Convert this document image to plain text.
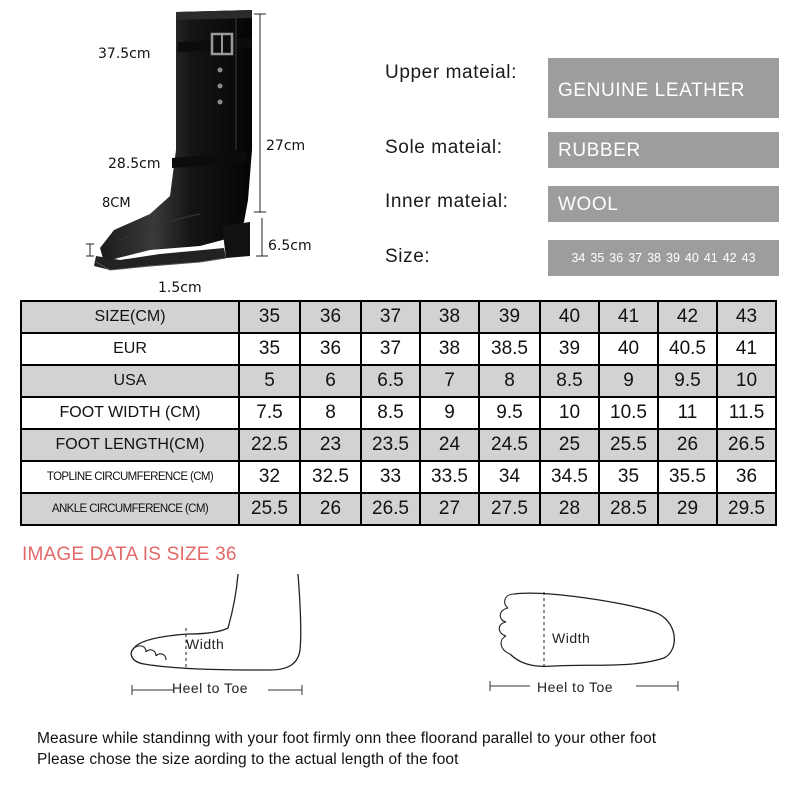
37.5cm
27cm
28.5cm
8CM
6.5cm
1.5cm
Upper mateial:
GENUINE LEATHER
Sole mateial:	RUBBER
Inner mateial:	WOOL
Size:	34 35 36 37 38 39 40 41 42 43
SIZE(CM)	35	36	37	38	39	40	41	42	43
EUR	35	36	37	38	38.5	39	40	40.5	41
USA	5	6	6.5	7	8	8.5	9	9.5	10
FOOT WIDTH (CM)	7.5	8	8.5	9	9.5	10	10.5	11	11.5
FOOT LENGTH(CM)	22.5	23	23.5	24	24.5	25	25.5	26	26.5
TOPLINE CIRCUMFERENCE (CM)	32	32.5	33	33.5	34	34.5	35	35.5	36
ANKLE CIRCUMFERENCE (CM)	25.5	26	26.5	27	27.5	28	28.5	29	29.5
IMAGE DATA IS SIZE 36
Width
Heel to Toe
Width
Heel to Toe
Measure while standinng with your foot firmly onn thee floorand parallel to your other foot
Please chose the size aording to the actual length of the foot
